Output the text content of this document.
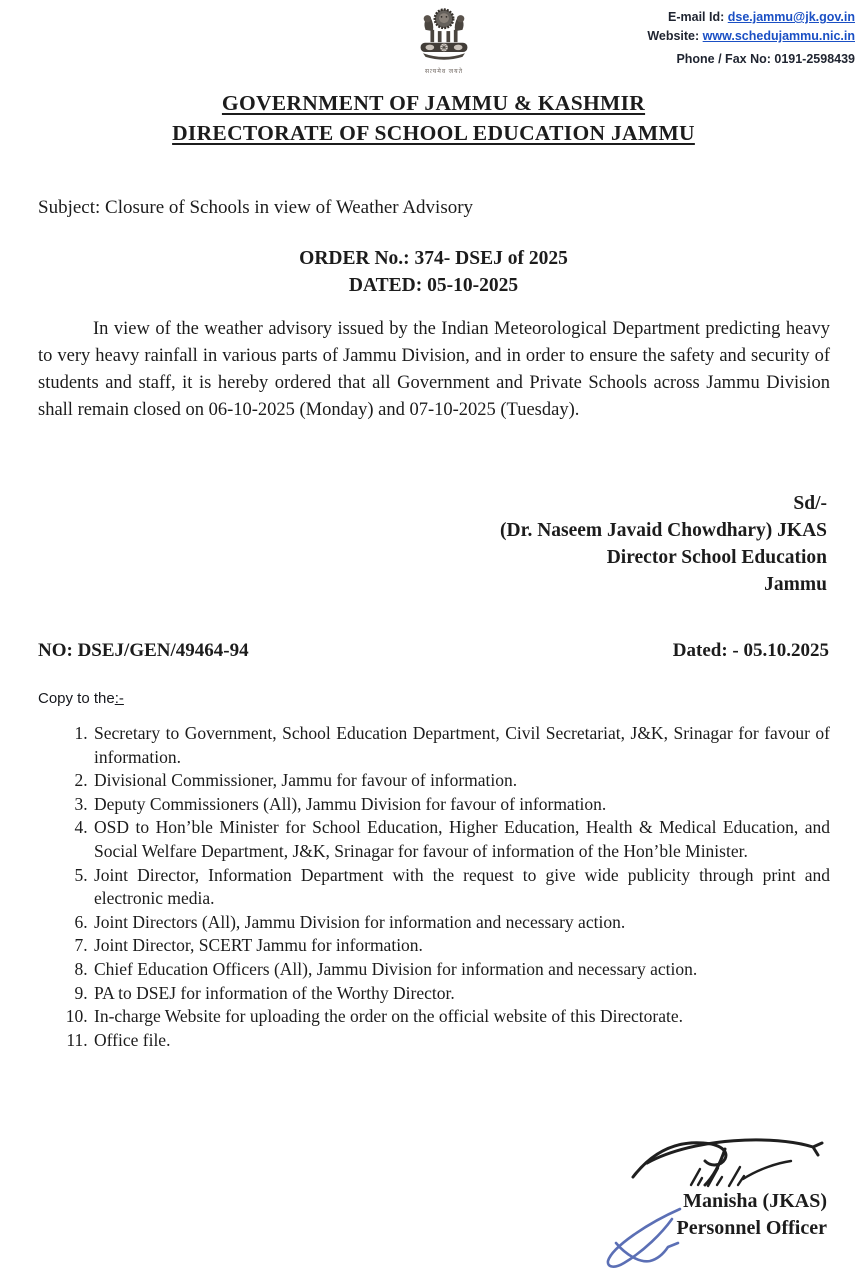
E-mail Id: dse.jammu@jk.gov.in
Website: www.schedujammu.nic.in
Phone / Fax No: 0191-2598439
सत्यमेव जयते
GOVERNMENT OF JAMMU & KASHMIR
DIRECTORATE OF SCHOOL EDUCATION JAMMU
Subject: Closure of Schools in view of Weather Advisory
ORDER No.: 374- DSEJ of 2025
DATED: 05-10-2025
In view of the weather advisory issued by the Indian Meteorological Department predicting heavy to very heavy rainfall in various parts of Jammu Division, and in order to ensure the safety and security of students and staff, it is hereby ordered that all Government and Private Schools across Jammu Division shall remain closed on 06-10-2025 (Monday) and 07-10-2025 (Tuesday).
Sd/-
(Dr. Naseem Javaid Chowdhary) JKAS
Director School Education
Jammu
NO: DSEJ/GEN/49464-94	Dated: - 05.10.2025
Copy to the:-
1. Secretary to Government, School Education Department, Civil Secretariat, J&K, Srinagar for favour of information.
2. Divisional Commissioner, Jammu for favour of information.
3. Deputy Commissioners (All), Jammu Division for favour of information.
4. OSD to Hon’ble Minister for School Education, Higher Education, Health & Medical Education, and Social Welfare Department, J&K, Srinagar for favour of information of the Hon’ble Minister.
5. Joint Director, Information Department with the request to give wide publicity through print and electronic media.
6. Joint Directors (All), Jammu Division for information and necessary action.
7. Joint Director, SCERT Jammu for information.
8. Chief Education Officers (All), Jammu Division for information and necessary action.
9. PA to DSEJ for information of the Worthy Director.
10. In-charge Website for uploading the order on the official website of this Directorate.
11. Office file.
Manisha (JKAS)
Personnel Officer
